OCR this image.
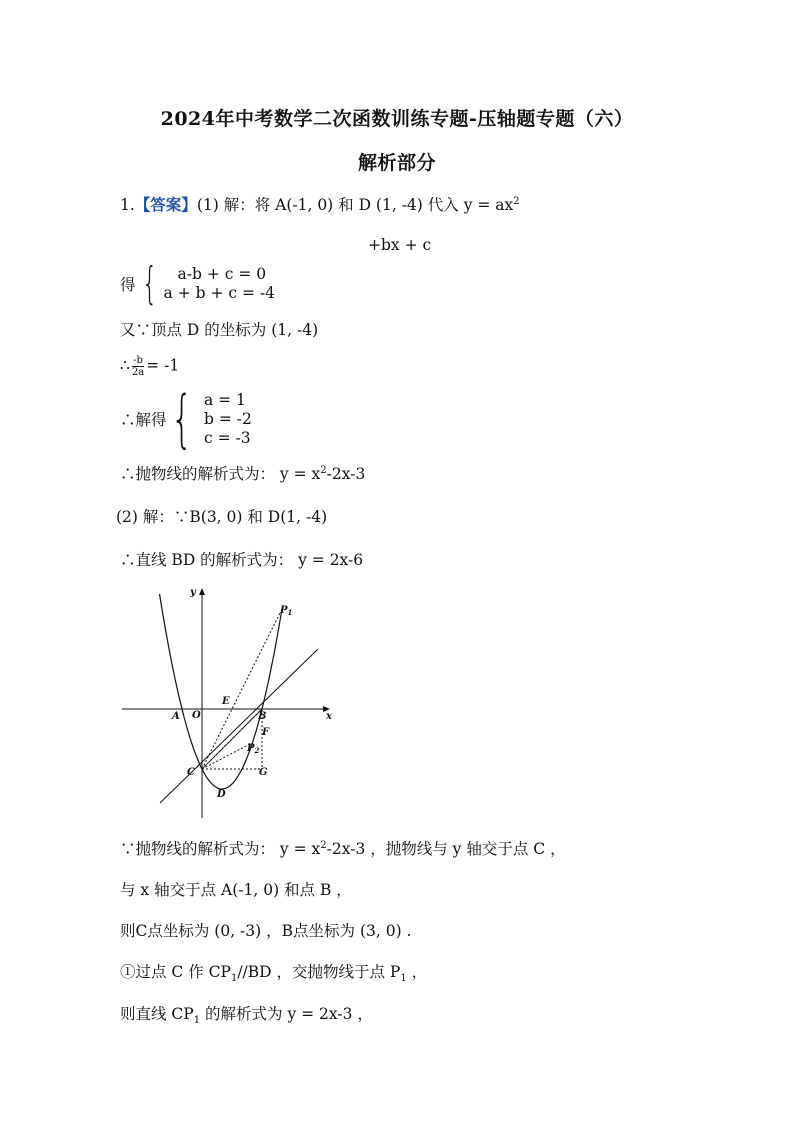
2024年中考数学二次函数训练专题-压轴题专题（六）
解析部分
1.【答案】(1) 解：将 A(-1, 0) 和 D (1, -4) 代入 $y = ax^2$
+bx + c
得 {	a-b + c = 0
a + b + c = -4
又∵顶点 D 的坐标为 (1, -4)
∴ $\frac{-b}{2a} = -1$
∴解得 { a = 1
b = -2
c = -3
∴抛物线的解析式为： $y = x^2-2x-3$
(2) 解：∵B(3, 0) 和 D(1, -4)
∴直线 BD 的解析式为： y = 2x-6
y
x
A O
E
B
F
$P_1$
$P_2$
C	G
D
∵抛物线的解析式为： $y = x^2-2x-3$ ，抛物线与 y 轴交于点 C ，
与 x 轴交于点 A(-1, 0) 和点 B ，
则C点坐标为 (0, -3) ，B点坐标为 (3, 0) .
①过点 C 作 $CP_1//BD$ ，交抛物线于点 $P_1$ ，
则直线 $CP_1$ 的解析式为 y = 2x-3 ，
